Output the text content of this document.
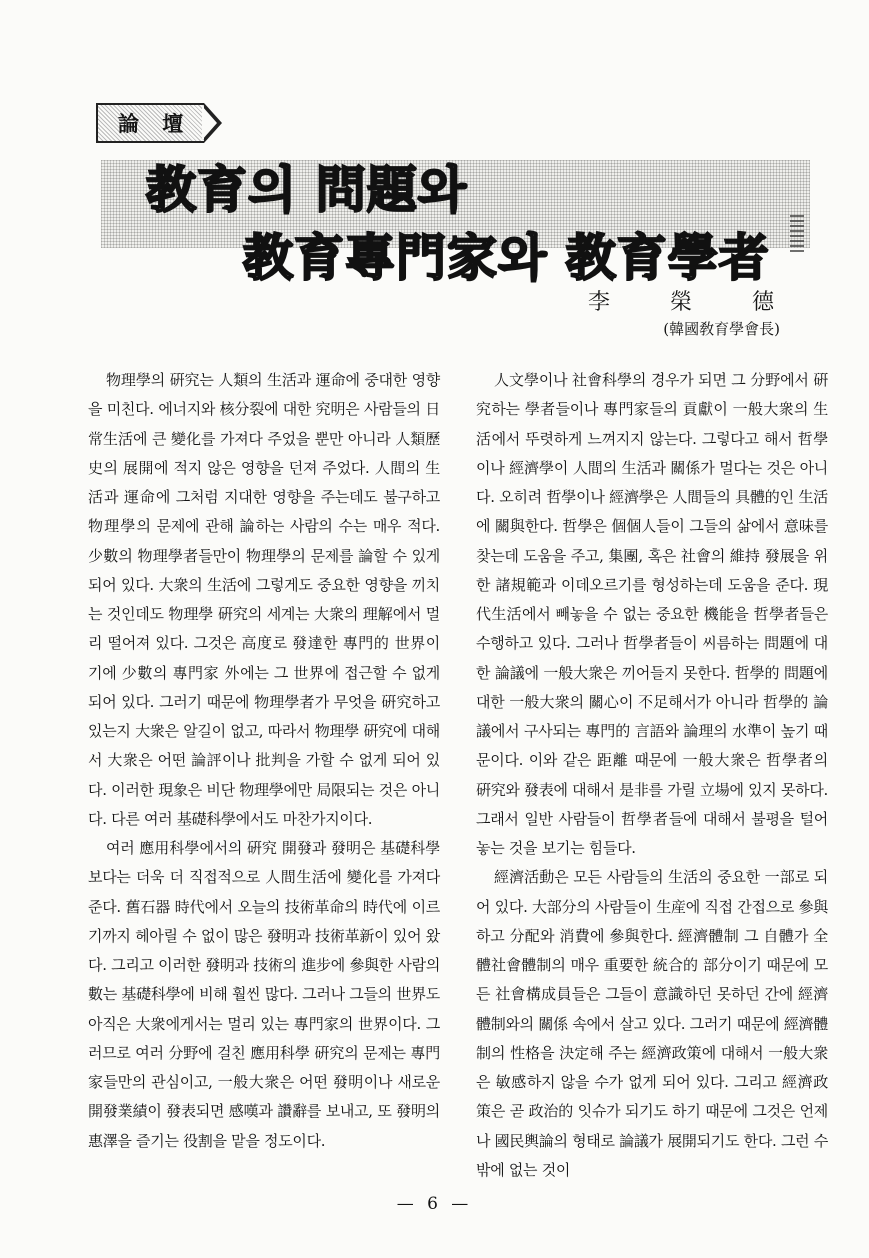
論 壇
教育의 問題와
教育專門家와 教育學者
李榮德
(韓國敎育學會長)

物理學의 硏究는 人類의 生活과 運命에 중대한 영향을 미친다. 에너지와 核分裂에 대한 究明은 사람들의 日常生活에 큰 變化를 가져다 주었을 뿐만 아니라 人類歷史의 展開에 적지 않은 영향을 던져 주었다. 人間의 生活과 運命에 그처럼 지대한 영향을 주는데도 불구하고 物理學의 문제에 관해 論하는 사람의 수는 매우 적다. 少數의 物理學者들만이 物理學의 문제를 論할 수 있게 되어 있다. 大衆의 生活에 그렇게도 중요한 영향을 끼치는 것인데도 物理學 硏究의 세계는 大衆의 理解에서 멀리 떨어져 있다. 그것은 高度로 發達한 專門的 世界이기에 少數의 專門家 外에는 그 世界에 접근할 수 없게 되어 있다. 그러기 때문에 物理學者가 무엇을 硏究하고 있는지 大衆은 알길이 없고, 따라서 物理學 硏究에 대해서 大衆은 어떤 論評이나 批判을 가할 수 없게 되어 있다. 이러한 現象은 비단 物理學에만 局限되는 것은 아니다. 다른 여러 基礎科學에서도 마찬가지이다.

여러 應用科學에서의 硏究 開發과 發明은 基礎科學보다는 더욱 더 직접적으로 人間生活에 變化를 가져다 준다. 舊石器 時代에서 오늘의 技術革命의 時代에 이르기까지 헤아릴 수 없이 많은 發明과 技術革新이 있어 왔다. 그리고 이러한 發明과 技術의 進步에 參與한 사람의 數는 基礎科學에 비해 훨씬 많다. 그러나 그들의 世界도 아직은 大衆에게서는 멀리 있는 專門家의 世界이다. 그러므로 여러 分野에 걸친 應用科學 硏究의 문제는 專門家들만의 관심이고, 一般大衆은 어떤 發明이나 새로운 開發業績이 發表되면 感嘆과 讚辭를 보내고, 또 發明의 惠澤을 즐기는 役割을 맡을 정도이다.

人文學이나 社會科學의 경우가 되면 그 分野에서 硏究하는 學者들이나 專門家들의 貢獻이 一般大衆의 生活에서 뚜렷하게 느껴지지 않는다. 그렇다고 해서 哲學이나 經濟學이 人間의 生活과 關係가 멀다는 것은 아니다. 오히려 哲學이나 經濟學은 人間들의 具體的인 生活에 關與한다. 哲學은 個個人들이 그들의 삶에서 意味를 찾는데 도움을 주고, 集團, 혹은 社會의 維持 發展을 위한 諸規範과 이데오르기를 형성하는데 도움을 준다. 現代生活에서 빼놓을 수 없는 중요한 機能을 哲學者들은 수행하고 있다. 그러나 哲學者들이 씨름하는 問題에 대한 論議에 一般大衆은 끼어들지 못한다. 哲學的 問題에 대한 一般大衆의 關心이 不足해서가 아니라 哲學的 論議에서 구사되는 專門的 言語와 論理의 水準이 높기 때문이다. 이와 같은 距離 때문에 一般大衆은 哲學者의 硏究와 發表에 대해서 是非를 가릴 立場에 있지 못하다. 그래서 일반 사람들이 哲學者들에 대해서 불평을 털어놓는 것을 보기는 힘들다.

經濟活動은 모든 사람들의 生活의 중요한 一部로 되어 있다. 大部分의 사람들이 生産에 직접 간접으로 參與하고 分配와 消費에 參與한다. 經濟體制 그 自體가 全體社會體制의 매우 重要한 統合的 部分이기 때문에 모든 社會構成員들은 그들이 意識하던 못하던 간에 經濟體制와의 關係 속에서 살고 있다. 그러기 때문에 經濟體制의 性格을 決定해 주는 經濟政策에 대해서 一般大衆은 敏感하지 않을 수가 없게 되어 있다. 그리고 經濟政策은 곧 政治的 잇슈가 되기도 하기 때문에 그것은 언제나 國民輿論의 형태로 論議가 展開되기도 한다. 그런 수 밖에 없는 것이

— 6 —
